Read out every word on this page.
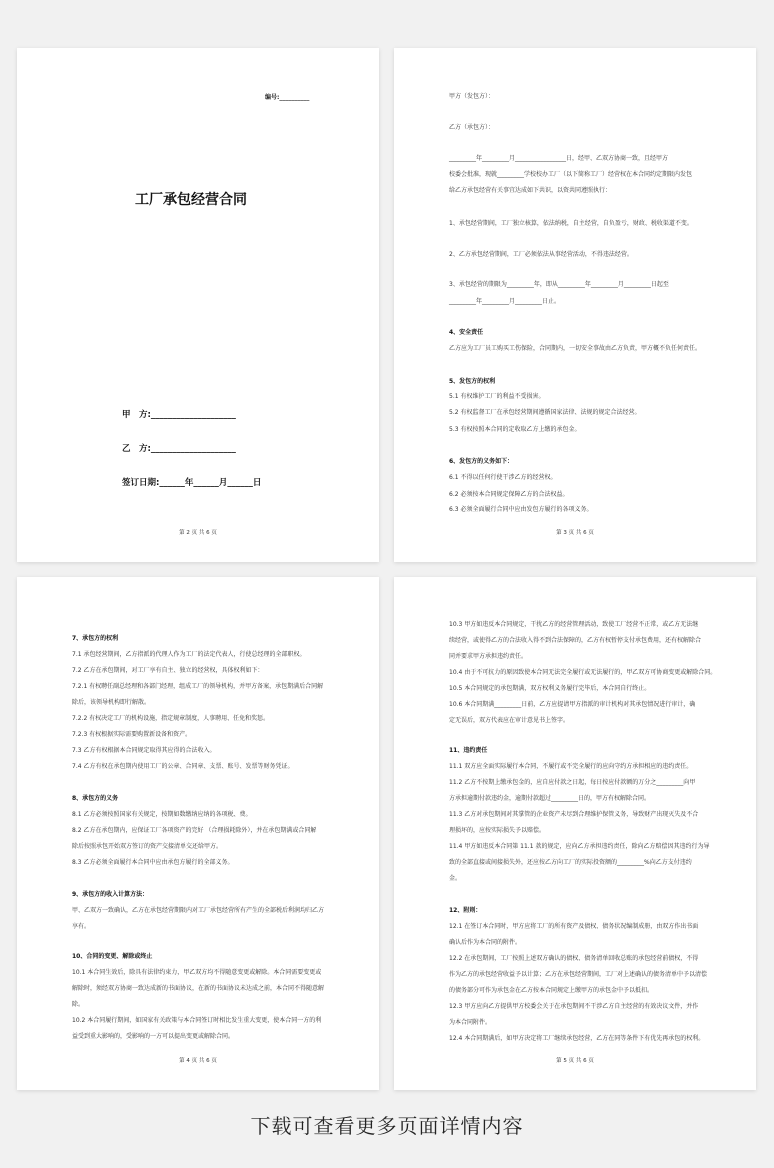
编号:__________
工厂承包经营合同
甲　方:____________________
乙　方:____________________
签订日期:______年______月______日
第 2 页 共 6 页
甲方（发包方）：
乙方（承包方）：
_________年_________月_________________日，经甲、乙双方协商一致，且经甲方
校委会批准，现就_________学校校办工厂（以下简称工厂）经营权在本合同约定期限内发包
给乙方承包经营有关事宜达成如下共识，以资共同遵照执行：
1、承包经营期间，工厂独立核算，依法纳税，自主经营，自负盈亏，财政、税收渠道不变。
2、乙方承包经营期间，工厂必须依法从事经营活动，不得违法经营。
3、承包经营的期限为_________年，即从_________年_________月_________日起至
_________年_________月_________日止。
4、安全责任
乙方应为工厂员工购买工伤保险，合同期内，一切安全事故由乙方负责，甲方概不负任何责任。
5、发包方的权利
5.1 有权维护工厂的利益不受损害。
5.2 有权监督工厂在承包经营期间遵循国家法律、法规的规定合法经营。
5.3 有权按照本合同的定收取乙方上缴的承包金。
6、发包方的义务如下：
6.1 不得以任何行使干涉乙方的经营权。
6.2 必须按本合同规定保障乙方的合法权益。
6.3 必须全面履行合同中应由发包方履行的各项义务。
第 3 页 共 6 页
7、承包方的权利
7.1 承包经营期间，乙方指派的代理人作为工厂的法定代表人，行使总经理的全部职权。
7.2 乙方在承包期间，对工厂享有自主、独立的经营权，具体权利如下：
7.2.1 有权聘任副总经理和各部门经理，组成工厂的领导机构，并甲方备案，承包期满后合同解
除后，该领导机构即行解散。
7.2.2 有权决定工厂的机构设施，指定规章制度，人事聘用、任免和奖惩。
7.2.3 有权根据实际需要购置新设备和资产。
7.3 乙方有权根据本合同规定取得其应得的合法收入。
7.4 乙方有权在承包期内使用工厂的公章、合同章、支票、账号、发票等财务凭证。
8、承包方的义务
8.1 乙方必须按照国家有关规定，按期如数缴纳应纳的各项税、费。
8.2 乙方在承包期内，应保证工厂各项资产的完好 （合理损耗除外），并在承包期满或合同解
除后按照承包开始双方签订的资产交接清单交还给甲方。
8.3 乙方必须全面履行本合同中应由承包方履行的全部义务。
9、承包方的收入计算方法：
甲、乙双方一致确认，乙方在承包经营期限内对工厂承包经营所有产生的全部税后利润均归乙方
享有。
10、合同的变更、解除或终止
10.1 本合同生效后，除具有法律约束力，甲乙双方均不得随意变更或解除。本合同需要变更或
解除时，须经双方协商一致达成新的书面协议，在新的书面协议未达成之前，本合同不得随意解
除。
10.2 本合同履行期间，如国家有关政策与本合同签订时相比发生重大变更，使本合同一方的利
益受到重大影响的，受影响的一方可以提出变更或解除合同。
第 4 页 共 6 页
10.3 甲方如违反本合同规定，干扰乙方的经营管理活动，致使工厂经营不正常，或乙方无法继
续经营，或使得乙方的合法收入得不到合法保障的，乙方有权暂停支付承包费用，还有权解除合
同并要求甲方承担违约责任。
10.4 由于不可抗力的原因致使本合同无法完全履行或无法履行的，甲乙双方可协商变更或解除合同。
10.5 本合同规定的承包期满，双方权利义务履行完毕后，本合同自行终止。
10.6 本合同期满_________日前，乙方应提请甲方指派的审计机构对其承包情况进行审计，确
定无误后，双方代表应在审计意见书上签字。
11、违约责任
11.1 双方应全面实际履行本合同，不履行或不完全履行的应向守约方承担相应的违约责任。
11.2 乙方不按期上缴承包金的，应自应付款之日起，每日按应付款额的万分之_________向甲
方承担逾期付款违约金，逾期付款超过_________日的，甲方有权解除合同。
11.3 乙方对承包期间对其掌管的企业资产未尽到合理维护保管义务，导致财产出现灭失及不合
理损坏的，应按实际损失予以赔偿。
11.4 甲方如违反本合同第 11.1 款的规定，应向乙方承担违约责任，除向乙方赔偿因其违约行为导
致的全部直接或间接损失外，还应按乙方向工厂的实际投资额的_________%向乙方支付违约
金。
12、附则：
12.1 在签订本合同时，甲方应将工厂的所有资产及债权、债务状况编制成册，由双方作出书面
确认后作为本合同的附件。
12.2 在承包期间，工厂按照上述双方确认的债权、债务清单回收总账的承包经营前债权，不得
作为乙方的承包经营收益予以计算；乙方在承包经营期间，工厂对上述确认的债务清单中予以清偿
的债务部分可作为承包金在乙方按本合同规定上缴甲方的承包金中予以抵扣。
12.3 甲方应向乙方提供甲方校委会关于在承包期间不干涉乙方自主经营的有效决议文件，并作
为本合同附件。
12.4 本合同期满后，如甲方决定将工厂继续承包经营，乙方在同等条件下有优先再承包的权利。
第 5 页 共 6 页
下载可查看更多页面详情内容
